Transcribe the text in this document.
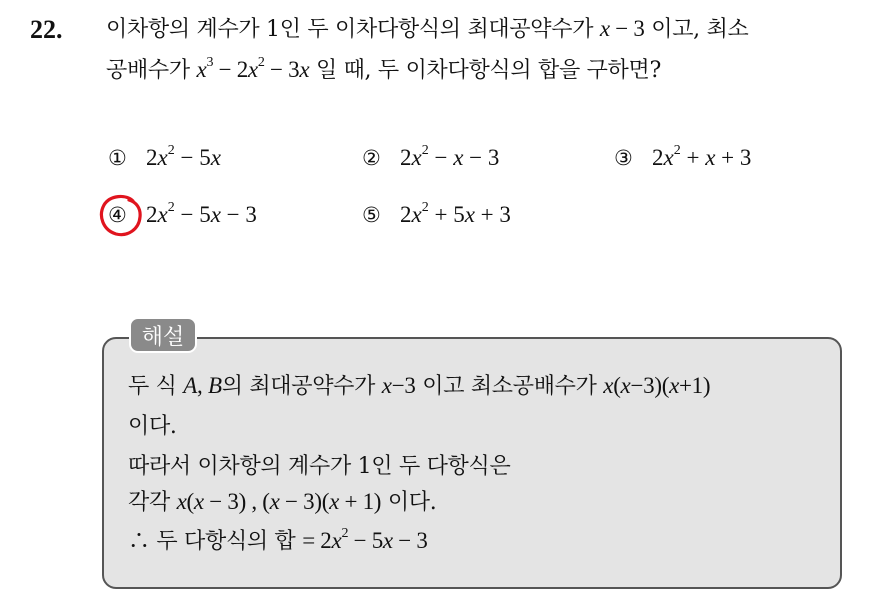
22. 이차항의 계수가 1인 두 이차다항식의 최대공약수가 x − 3 이고, 최소
공배수가 $x^3 - 2x^2 - 3x$ 일 때, 두 이차다항식의 합을 구하면?
① $2x^2 - 5x$	② $2x^2 - x - 3$	③ $2x^2 + x + 3$
④ $2x^2 - 5x - 3$	⑤ $2x^2 + 5x + 3$
해설
두 식 A, B의 최대공약수가 x−3 이고 최소공배수가 x(x−3)(x+1)
이다.
따라서 이차항의 계수가 1인 두 다항식은
각각 x(x − 3) , (x − 3)(x + 1) 이다.
∴ 두 다항식의 합 = $2x^2 - 5x - 3$
